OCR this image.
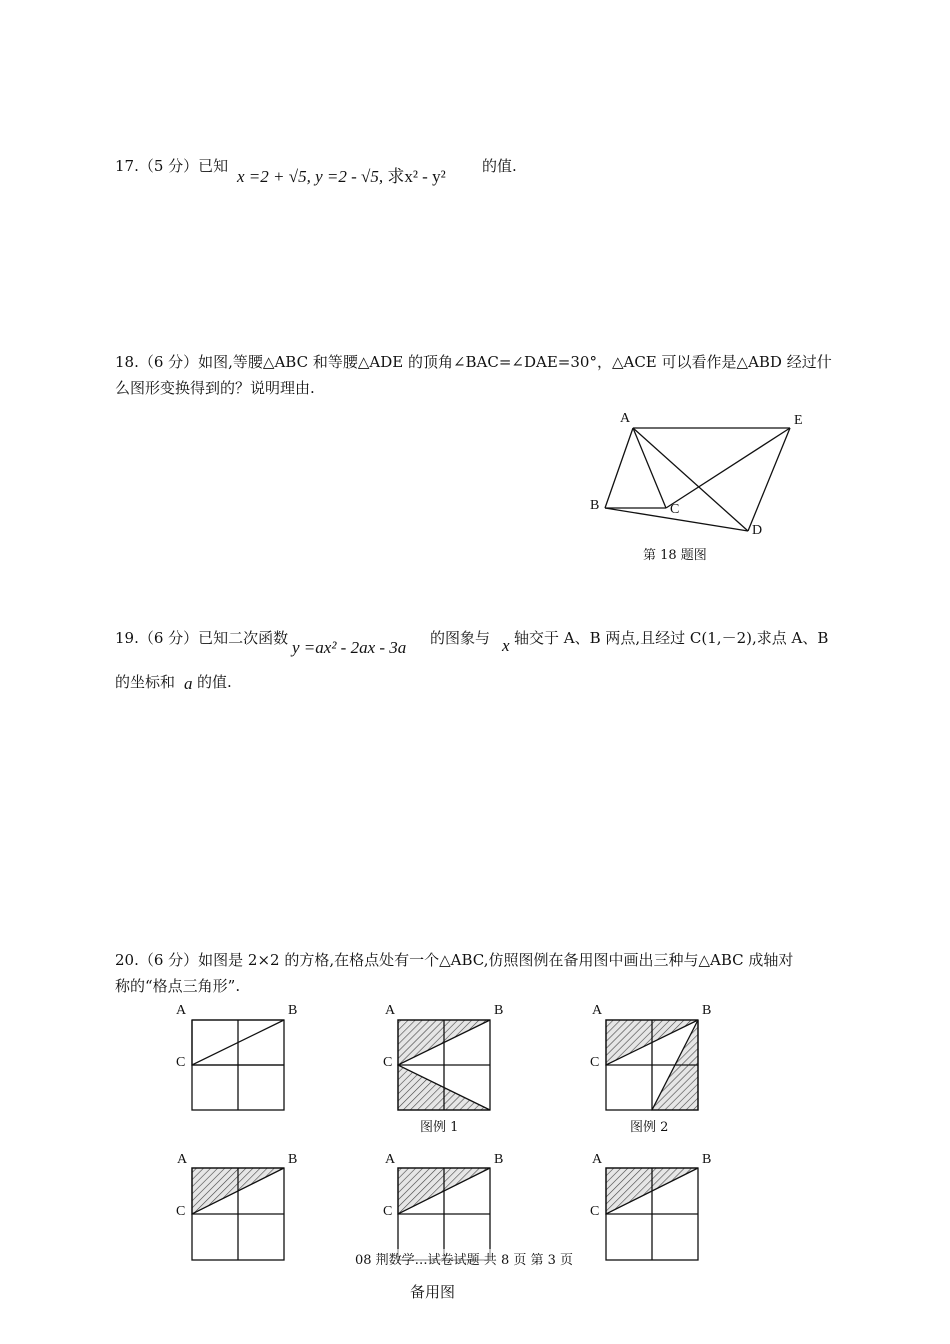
17.（5 分）已知
x =2 + √5, y =2 - √5, 求x² - y²
的值.
18.（6 分）如图,等腰△ABC 和等腰△ADE 的顶角∠BAC=∠DAE=30°，△ACE 可以看作是△ABD 经过什
么图形变换得到的？说明理由.
A	E
B	C
D
第 18 题图
19.（6 分）已知二次函数 y =ax² - 2ax - 3a 的图象与 x 轴交于 A、B 两点,且经过 C(1,－2),求点 A、B
的坐标和 a 的值.
20.（6 分）如图是 2×2 的方格,在格点处有一个△ABC,仿照图例在备用图中画出三种与△ABC 成轴对
称的“格点三角形”.
A	B
C
A	B
C
A	B
C
A	B
C
A	B
C
A	B
C
图例 1	图例 2
08 荆数学…试卷试题 共 8 页 第 3 页
备用图
